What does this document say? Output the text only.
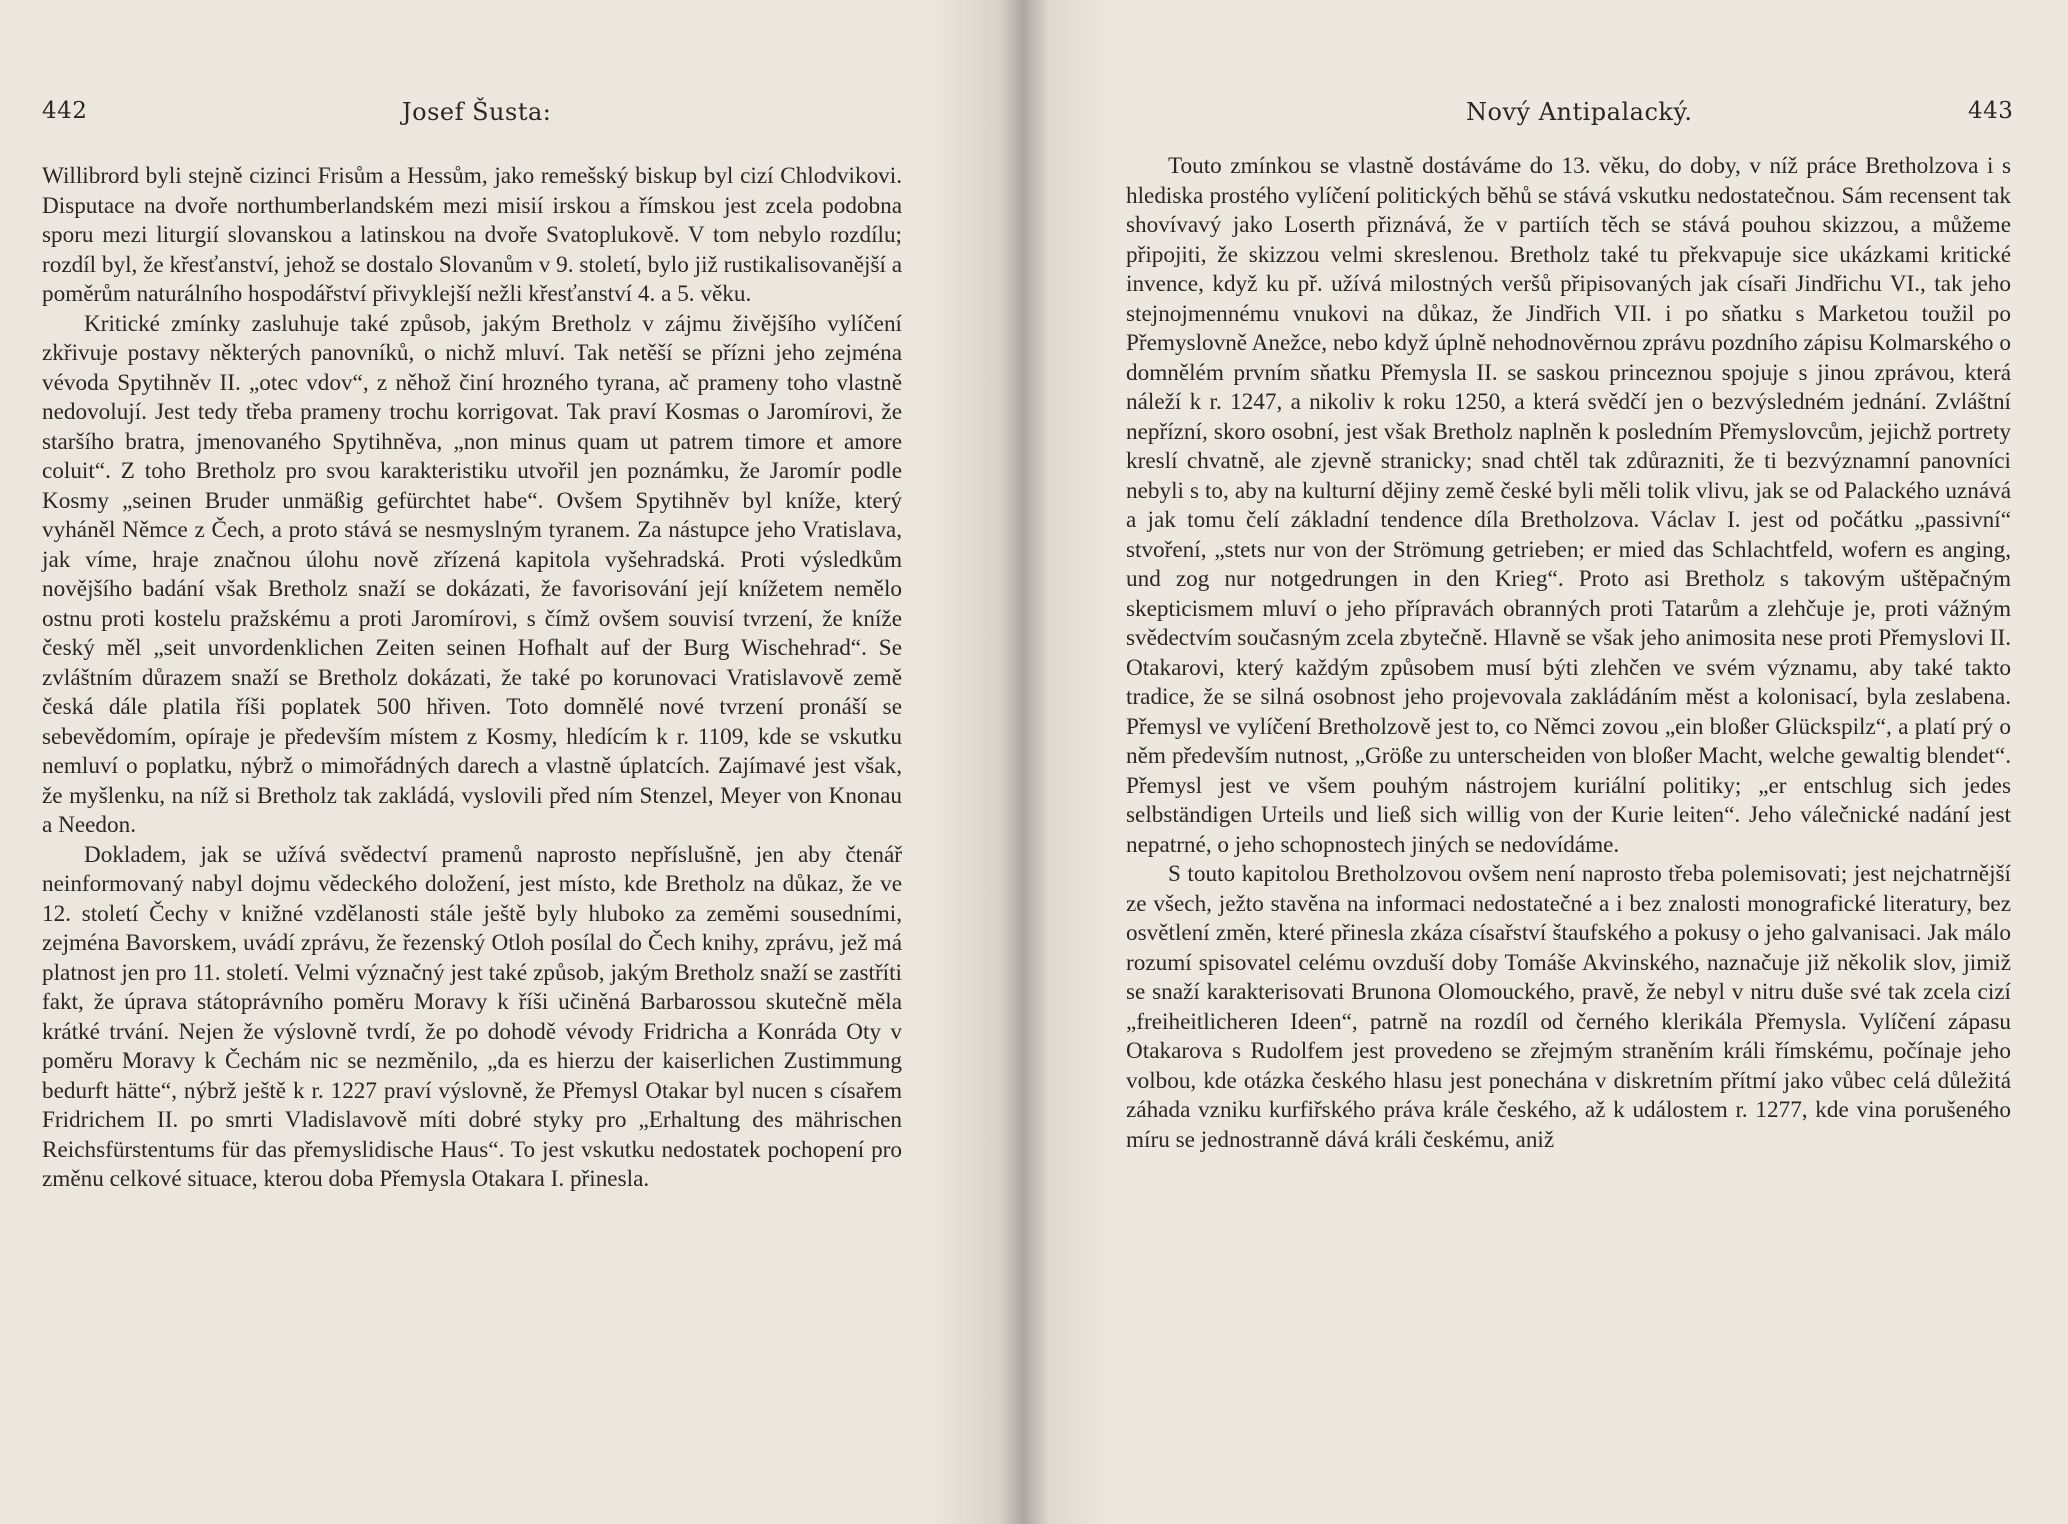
442	Josef Šusta:

Willibrord byli stejně cizinci Frisům a Hessům, jako remešský biskup byl cizí Chlodvikovi. Disputace na dvoře northumberlandském mezi misií irskou a římskou jest zcela podobna sporu mezi liturgií slovanskou a latinskou na dvoře Svatoplukově. V tom nebylo rozdílu; rozdíl byl, že křesťanství, jehož se dostalo Slovanům v 9. století, bylo již rustikalisovanější a poměrům naturálního hospodářství přivyklejší nežli křesťanství 4. a 5. věku.

Kritické zmínky zasluhuje také způsob, jakým Bretholz v zájmu živějšího vylíčení zkřivuje postavy některých panovníků, o nichž mluví. Tak netěší se přízni jeho zejména vévoda Spytihněv II. „otec vdov“, z něhož činí hrozného tyrana, ač prameny toho vlastně nedovolují. Jest tedy třeba prameny trochu korrigovat. Tak praví Kosmas o Jaromírovi, že staršího bratra, jmenovaného Spytihněva, „non minus quam ut patrem timore et amore coluit“. Z toho Bretholz pro svou karakteristiku utvořil jen poznámku, že Jaromír podle Kosmy „seinen Bruder unmäßig gefürchtet habe“. Ovšem Spytihněv byl kníže, který vyháněl Němce z Čech, a proto stává se nesmyslným tyranem. Za nástupce jeho Vratislava, jak víme, hraje značnou úlohu nově zřízená kapitola vyšehradská. Proti výsledkům novějšího badání však Bretholz snaží se dokázati, že favorisování její knížetem nemělo ostnu proti kostelu pražskému a proti Jaromírovi, s čímž ovšem souvisí tvrzení, že kníže český měl „seit unvordenklichen Zeiten seinen Hofhalt auf der Burg Wischehrad“. Se zvláštním důrazem snaží se Bretholz dokázati, že také po korunovaci Vratislavově země česká dále platila říši poplatek 500 hřiven. Toto domnělé nové tvrzení pronáší se sebevědomím, opíraje je především místem z Kosmy, hledícím k r. 1109, kde se vskutku nemluví o poplatku, nýbrž o mimořádných darech a vlastně úplatcích. Zajímavé jest však, že myšlenku, na níž si Bretholz tak zakládá, vyslovili před ním Stenzel, Meyer von Knonau a Needon.

Dokladem, jak se užívá svědectví pramenů naprosto nepříslušně, jen aby čtenář neinformovaný nabyl dojmu vědeckého doložení, jest místo, kde Bretholz na důkaz, že ve 12. století Čechy v knižné vzdělanosti stále ještě byly hluboko za zeměmi sousedními, zejména Bavorskem, uvádí zprávu, že řezenský Otloh posílal do Čech knihy, zprávu, jež má platnost jen pro 11. století. Velmi význačný jest také způsob, jakým Bretholz snaží se zastříti fakt, že úprava státoprávního poměru Moravy k říši učiněná Barbarossou skutečně měla krátké trvání. Nejen že výslovně tvrdí, že po dohodě vévody Fridricha a Konráda Oty v poměru Moravy k Čechám nic se nezměnilo, „da es hierzu der kaiserlichen Zustimmung bedurft hätte“, nýbrž ještě k r. 1227 praví výslovně, že Přemysl Otakar byl nucen s císařem Fridrichem II. po smrti Vladislavově míti dobré styky pro „Erhaltung des mährischen Reichsfürstentums für das přemyslidische Haus“. To jest vskutku nedostatek pochopení pro změnu celkové situace, kterou doba Přemysla Otakara I. přinesla.

Nový Antipalacký.	443

Touto zmínkou se vlastně dostáváme do 13. věku, do doby, v níž práce Bretholzova i s hlediska prostého vylíčení politických běhů se stává vskutku nedostatečnou. Sám recensent tak shovívavý jako Loserth přiznává, že v partiích těch se stává pouhou skizzou, a můžeme připojiti, že skizzou velmi skreslenou. Bretholz také tu překvapuje sice ukázkami kritické invence, když ku př. užívá milostných veršů připisovaných jak císaři Jindřichu VI., tak jeho stejnojmennému vnukovi na důkaz, že Jindřich VII. i po sňatku s Marketou toužil po Přemyslovně Anežce, nebo když úplně nehodnověrnou zprávu pozdního zápisu Kolmarského o domnělém prvním sňatku Přemysla II. se saskou princeznou spojuje s jinou zprávou, která náleží k r. 1247, a nikoliv k roku 1250, a která svědčí jen o bezvýsledném jednání. Zvláštní nepřízní, skoro osobní, jest však Bretholz naplněn k posledním Přemyslovcům, jejichž portrety kreslí chvatně, ale zjevně stranicky; snad chtěl tak zdůrazniti, že ti bezvýznamní panovníci nebyli s to, aby na kulturní dějiny země české byli měli tolik vlivu, jak se od Palackého uznává a jak tomu čelí základní tendence díla Bretholzova. Václav I. jest od počátku „passivní“ stvoření, „stets nur von der Strömung getrieben; er mied das Schlachtfeld, wofern es anging, und zog nur notgedrungen in den Krieg“. Proto asi Bretholz s takovým uštěpačným skepticismem mluví o jeho přípravách obranných proti Tatarům a zlehčuje je, proti vážným svědectvím současným zcela zbytečně. Hlavně se však jeho animosita nese proti Přemyslovi II. Otakarovi, který každým způsobem musí býti zlehčen ve svém významu, aby také takto tradice, že se silná osobnost jeho projevovala zakládáním měst a kolonisací, byla zeslabena. Přemysl ve vylíčení Bretholzově jest to, co Němci zovou „ein bloßer Glückspilz“, a platí prý o něm především nutnost, „Größe zu unterscheiden von bloßer Macht, welche gewaltig blendet“. Přemysl jest ve všem pouhým nástrojem kuriální politiky; „er entschlug sich jedes selbständigen Urteils und ließ sich willig von der Kurie leiten“. Jeho válečnické nadání jest nepatrné, o jeho schopnostech jiných se nedovídáme.

S touto kapitolou Bretholzovou ovšem není naprosto třeba polemisovati; jest nejchatrnější ze všech, ježto stavěna na informaci nedostatečné a i bez znalosti monografické literatury, bez osvětlení změn, které přinesla zkáza císařství štaufského a pokusy o jeho galvanisaci. Jak málo rozumí spisovatel celému ovzduší doby Tomáše Akvinského, naznačuje již několik slov, jimiž se snaží karakterisovati Brunona Olomouckého, pravě, že nebyl v nitru duše své tak zcela cizí „freiheitlicheren Ideen“, patrně na rozdíl od černého klerikála Přemysla. Vylíčení zápasu Otakarova s Rudolfem jest provedeno se zřejmým straněním králi římskému, počínaje jeho volbou, kde otázka českého hlasu jest ponechána v diskretním přítmí jako vůbec celá důležitá záhada vzniku kurfiřského práva krále českého, až k událostem r. 1277, kde vina porušeného míru se jednostranně dává králi českému, aniž
